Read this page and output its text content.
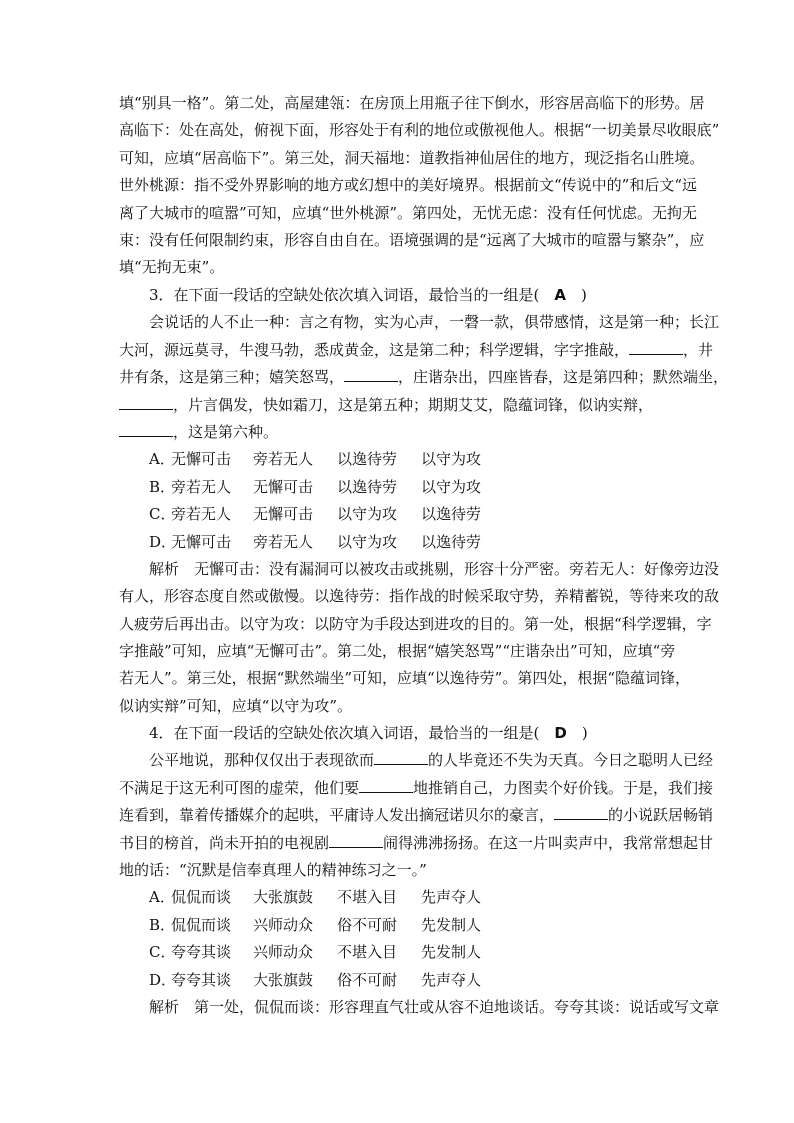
填“别具一格”。第二处，高屋建瓴：在房顶上用瓶子往下倒水，形容居高临下的形势。居
高临下：处在高处，俯视下面，形容处于有利的地位或傲视他人。根据“一切美景尽收眼底”
可知，应填“居高临下”。第三处，洞天福地：道教指神仙居住的地方，现泛指名山胜境。
世外桃源：指不受外界影响的地方或幻想中的美好境界。根据前文“传说中的”和后文“远
离了大城市的喧嚣”可知，应填“世外桃源”。第四处，无忧无虑：没有任何忧虑。无拘无
束：没有任何限制约束，形容自由自在。语境强调的是“远离了大城市的喧嚣与繁杂”，应
填“无拘无束”。
3．在下面一段话的空缺处依次填入词语，最恰当的一组是(　 A　 )
会说话的人不止一种：言之有物，实为心声，一磬一款，俱带感情，这是第一种；长江
大河，源远莫寻，牛溲马勃，悉成黄金，这是第二种；科学逻辑，字字推敲，	，井
井有条，这是第三种；嬉笑怒骂，	，庄谐杂出，四座皆春，这是第四种；默然端坐，
，片言偶发，快如霜刀，这是第五种；期期艾艾，隐蕴词锋，似讷实辩，
，这是第六种。
A．无懈可击 旁若无人 以逸待劳 以守为攻
B．旁若无人 无懈可击 以逸待劳 以守为攻
C．旁若无人 无懈可击 以守为攻 以逸待劳
D．无懈可击 旁若无人 以守为攻 以逸待劳
解析　无懈可击：没有漏洞可以被攻击或挑剔，形容十分严密。旁若无人：好像旁边没
有人，形容态度自然或傲慢。以逸待劳：指作战的时候采取守势，养精蓄锐，等待来攻的敌
人疲劳后再出击。以守为攻：以防守为手段达到进攻的目的。第一处，根据“科学逻辑，字
字推敲”可知，应填“无懈可击”。第二处，根据“嬉笑怒骂”“庄谐杂出”可知，应填“旁
若无人”。第三处，根据“默然端坐”可知，应填“以逸待劳”。第四处，根据“隐蕴词锋，
似讷实辩”可知，应填“以守为攻”。
4．在下面一段话的空缺处依次填入词语，最恰当的一组是(　 D　 )
公平地说，那种仅仅出于表现欲而	的人毕竟还不失为天真。今日之聪明人已经
不满足于这无利可图的虚荣，他们要	地推销自己，力图卖个好价钱。于是，我们接
连看到，靠着传播媒介的起哄，平庸诗人发出摘冠诺贝尔的豪言，	的小说跃居畅销
书目的榜首，尚未开拍的电视剧	闹得沸沸扬扬。在这一片叫卖声中，我常常想起甘
地的话：“沉默是信奉真理人的精神练习之一。”
A．侃侃而谈 大张旗鼓 不堪入目 先声夺人
B．侃侃而谈 兴师动众 俗不可耐 先发制人
C．夸夸其谈 兴师动众 不堪入目 先发制人
D．夸夸其谈 大张旗鼓 俗不可耐 先声夺人
解析　第一处，侃侃而谈：形容理直气壮或从容不迫地谈话。夸夸其谈：说话或写文章
